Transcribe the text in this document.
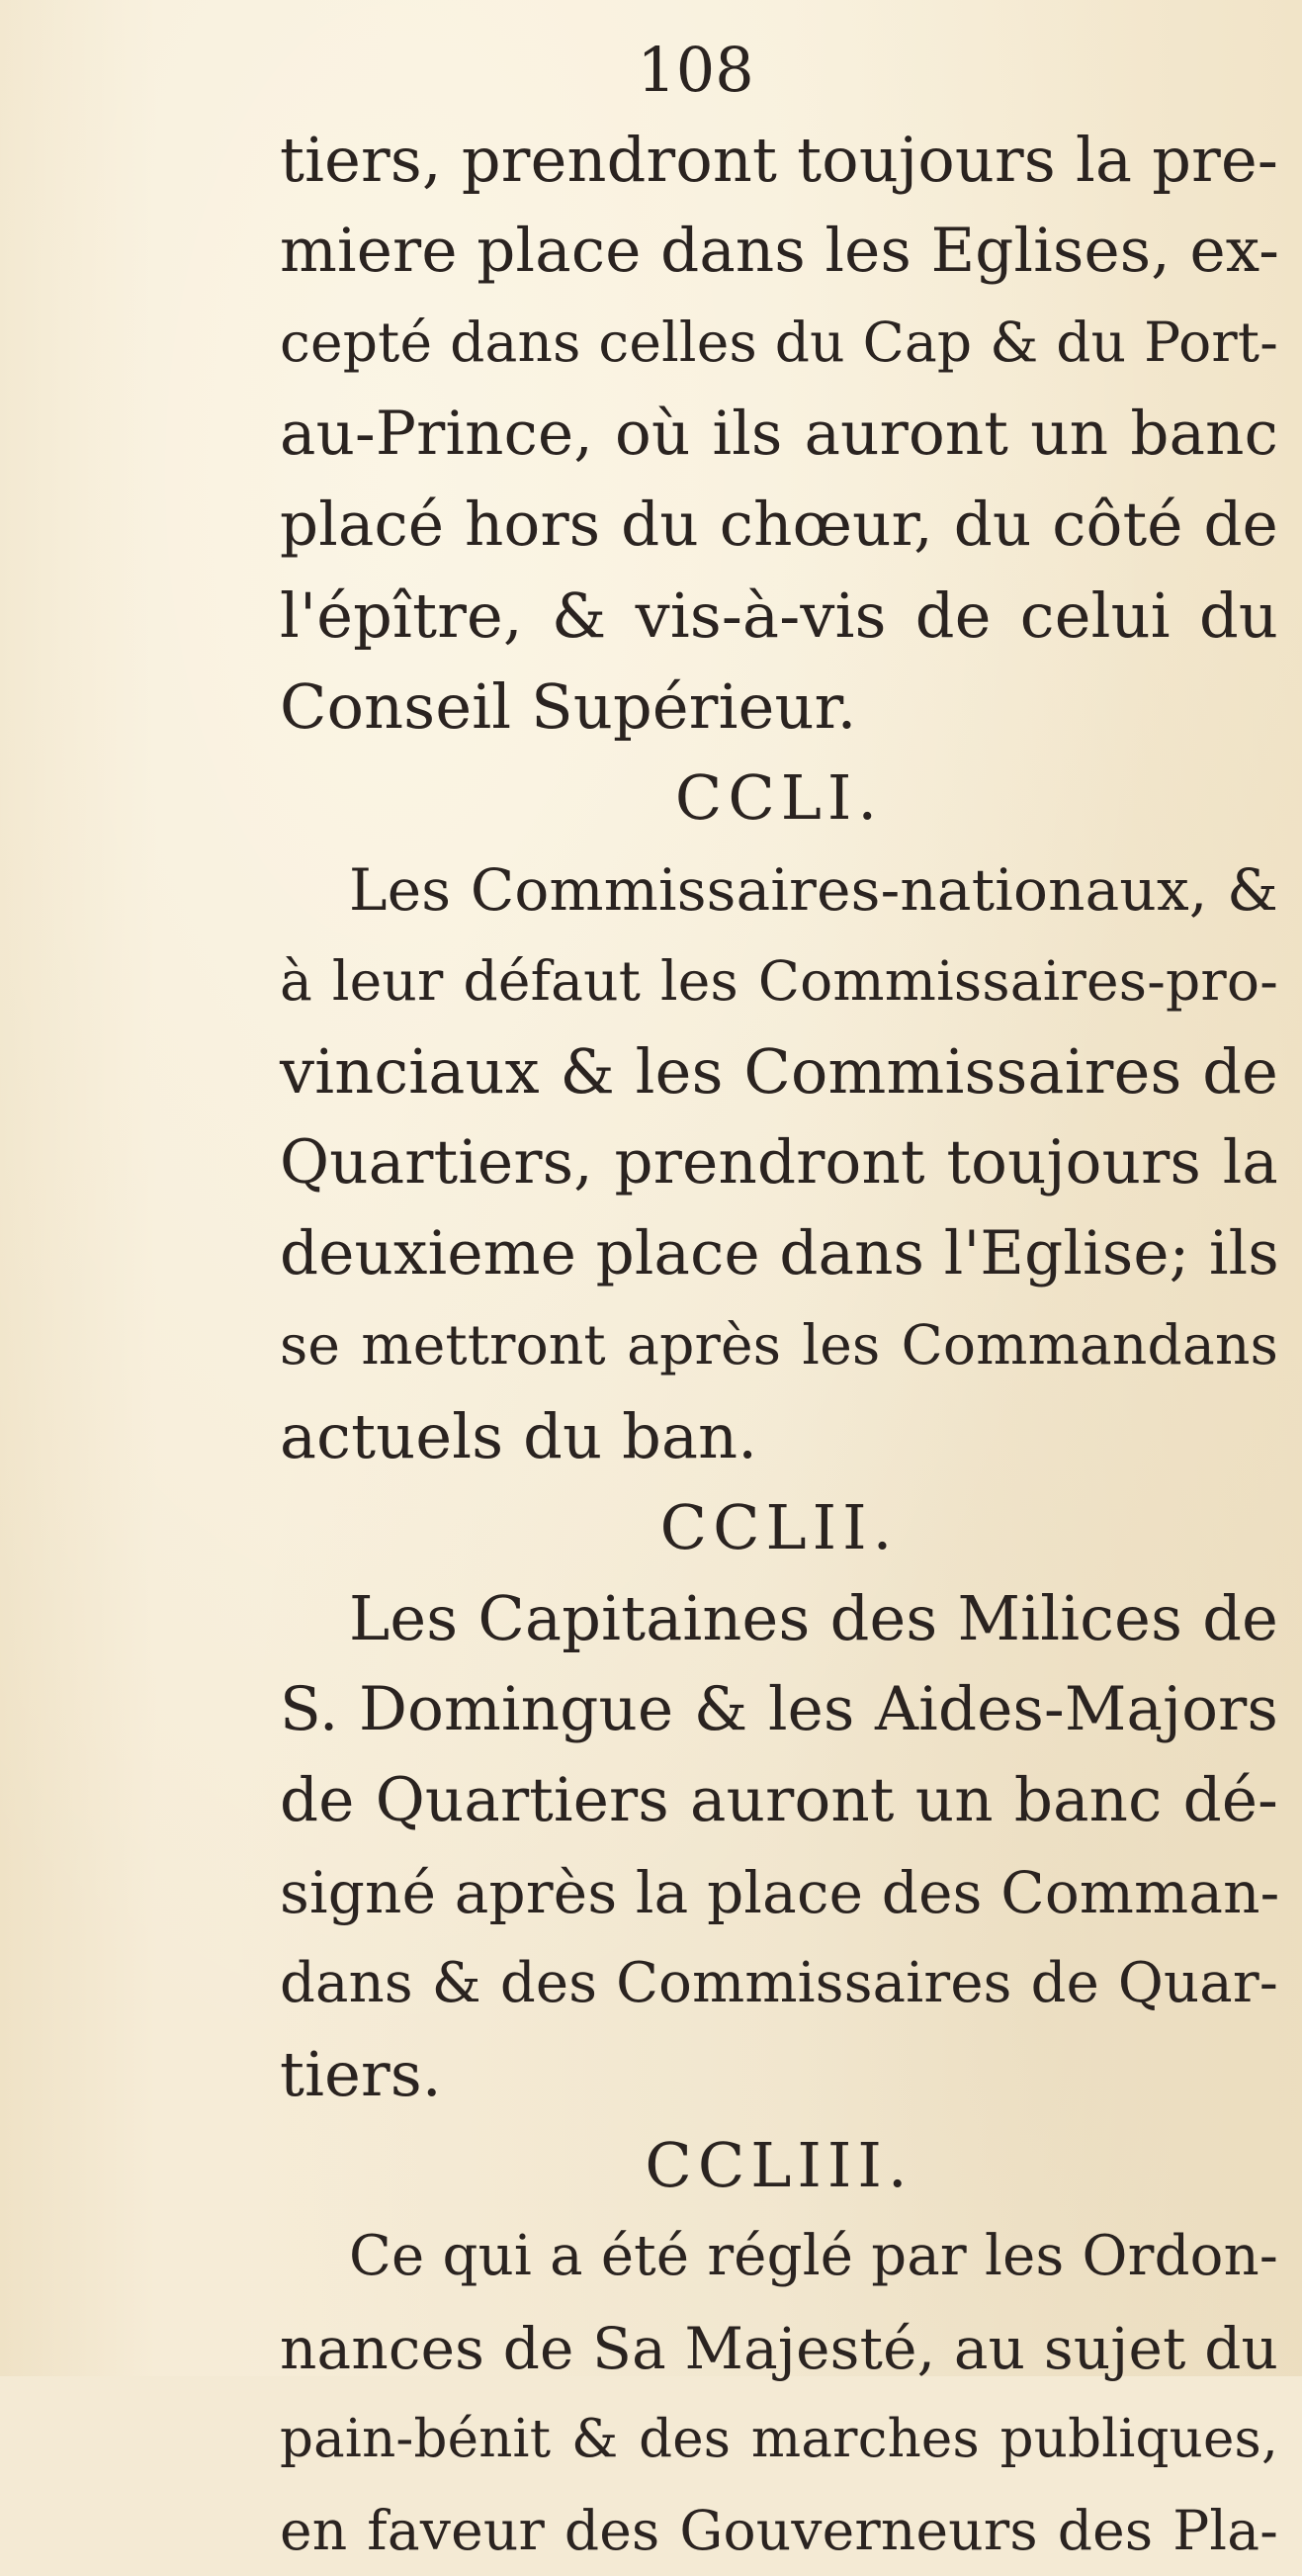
108
tiers, prendront toujours la pre-
miere place dans les Eglises, ex-
cepté dans celles du Cap & du Port-
au-Prince, où ils auront un banc
placé hors du chœur, du côté de
l'épître, & vis-à-vis de celui du
Conseil Supérieur.
CCLI.
Les Commissaires-nationaux, &
à leur défaut les Commissaires-pro-
vinciaux & les Commissaires de
Quartiers, prendront toujours la
deuxieme place dans l'Eglise; ils
se mettront après les Commandans
actuels du ban.
CCLII.
Les Capitaines des Milices de
S. Domingue & les Aides-Majors
de Quartiers auront un banc dé-
signé après la place des Comman-
dans & des Commissaires de Quar-
tiers.
CCLIII.
Ce qui a été réglé par les Ordon-
nances de Sa Majesté, au sujet du
pain-bénit & des marches publiques,
en faveur des Gouverneurs des Pla-
